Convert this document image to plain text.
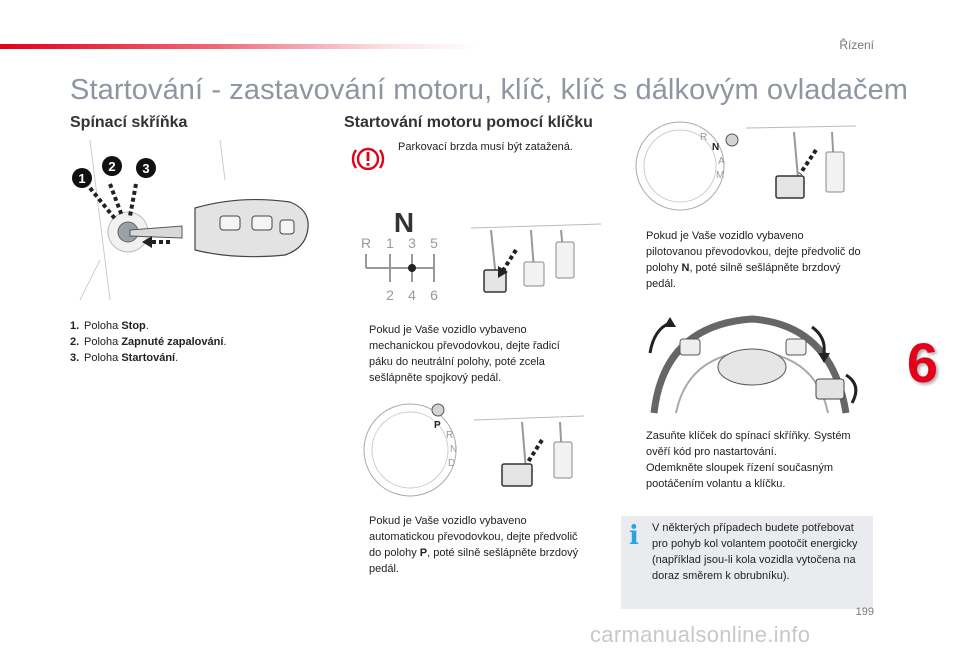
Řízení
Startování - zastavování motoru, klíč, klíč s dálkovým ovladačem
Spínací skříňka
1
2 3
1. Poloha Stop.
2. Poloha Zapnuté zapalování.
3. Poloha Startování.
Startování motoru pomocí klíčku
Parkovací brzda musí být zatažená.
N
R 1 3 5
2 4 6
Pokud je Vaše vozidlo vybaveno mechanickou převodovkou, dejte řadicí páku do neutrální polohy, poté zcela sešlápněte spojkový pedál.
P
R
N
D
Pokud je Vaše vozidlo vybaveno automatickou převodovkou, dejte předvolič do polohy P, poté silně sešlápněte brzdový pedál.
R
N
A
M
Pokud je Vaše vozidlo vybaveno pilotovanou převodovkou, dejte předvolič do polohy N, poté silně sešlápněte brzdový pedál.
Zasuňte klíček do spínací skříňky. Systém ověří kód pro nastartování.
Odemkněte sloupek řízení současným pootáčením volantu a klíčku.
i	V některých případech budete potřebovat pro pohyb kol volantem pootočit energicky (například jsou-li kola vozidla vytočena na doraz směrem k obrubníku).
6
199
carmanualsonline.info
